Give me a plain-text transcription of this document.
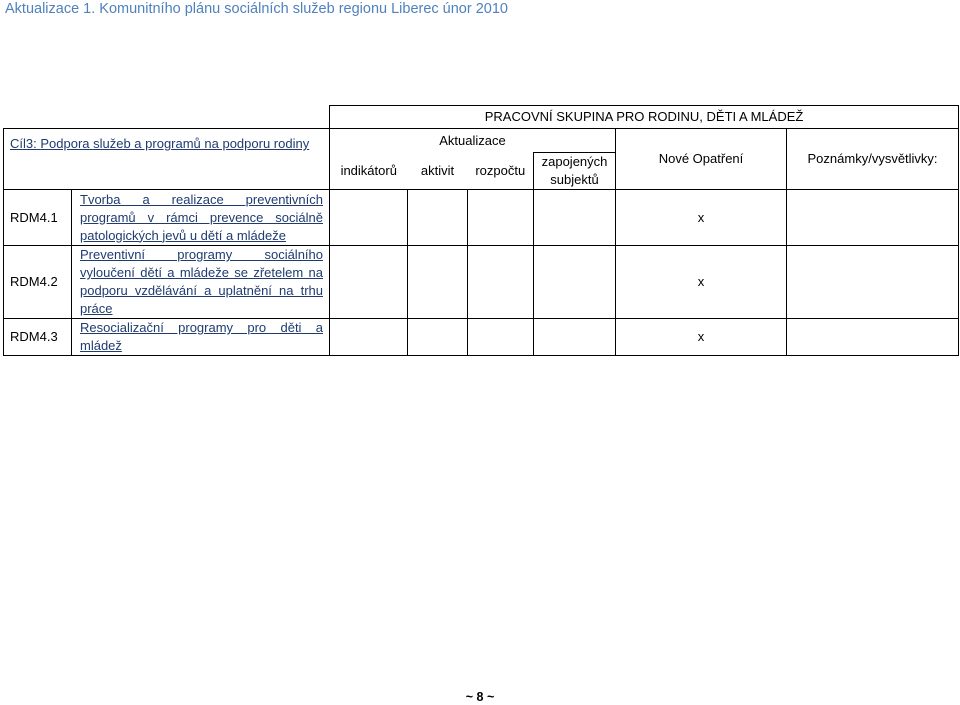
Aktualizace 1. Komunitního plánu sociálních služeb regionu Liberec únor 2010
		PRACOVNÍ SKUPINA PRO RODINU, DĚTI A MLÁDEŽ					

Cíl3: Podpora služeb a programů na podporu rodiny		Aktualizace				Nové Opatření	Poznámky/vysvětlivky:
		indikátorů	aktivit	rozpočtu	zapojených subjektů		
RDM4.1	Tvorba a realizace preventivních programů v rámci prevence sociálně patologických jevů u dětí a mládeže					x	
RDM4.2	Preventivní programy sociálního vyloučení dětí a mládeže se zřetelem na podporu vzdělávání a uplatnění na trhu práce					x	
RDM4.3	Resocializační programy pro děti a mládež					x	
~ 8 ~
